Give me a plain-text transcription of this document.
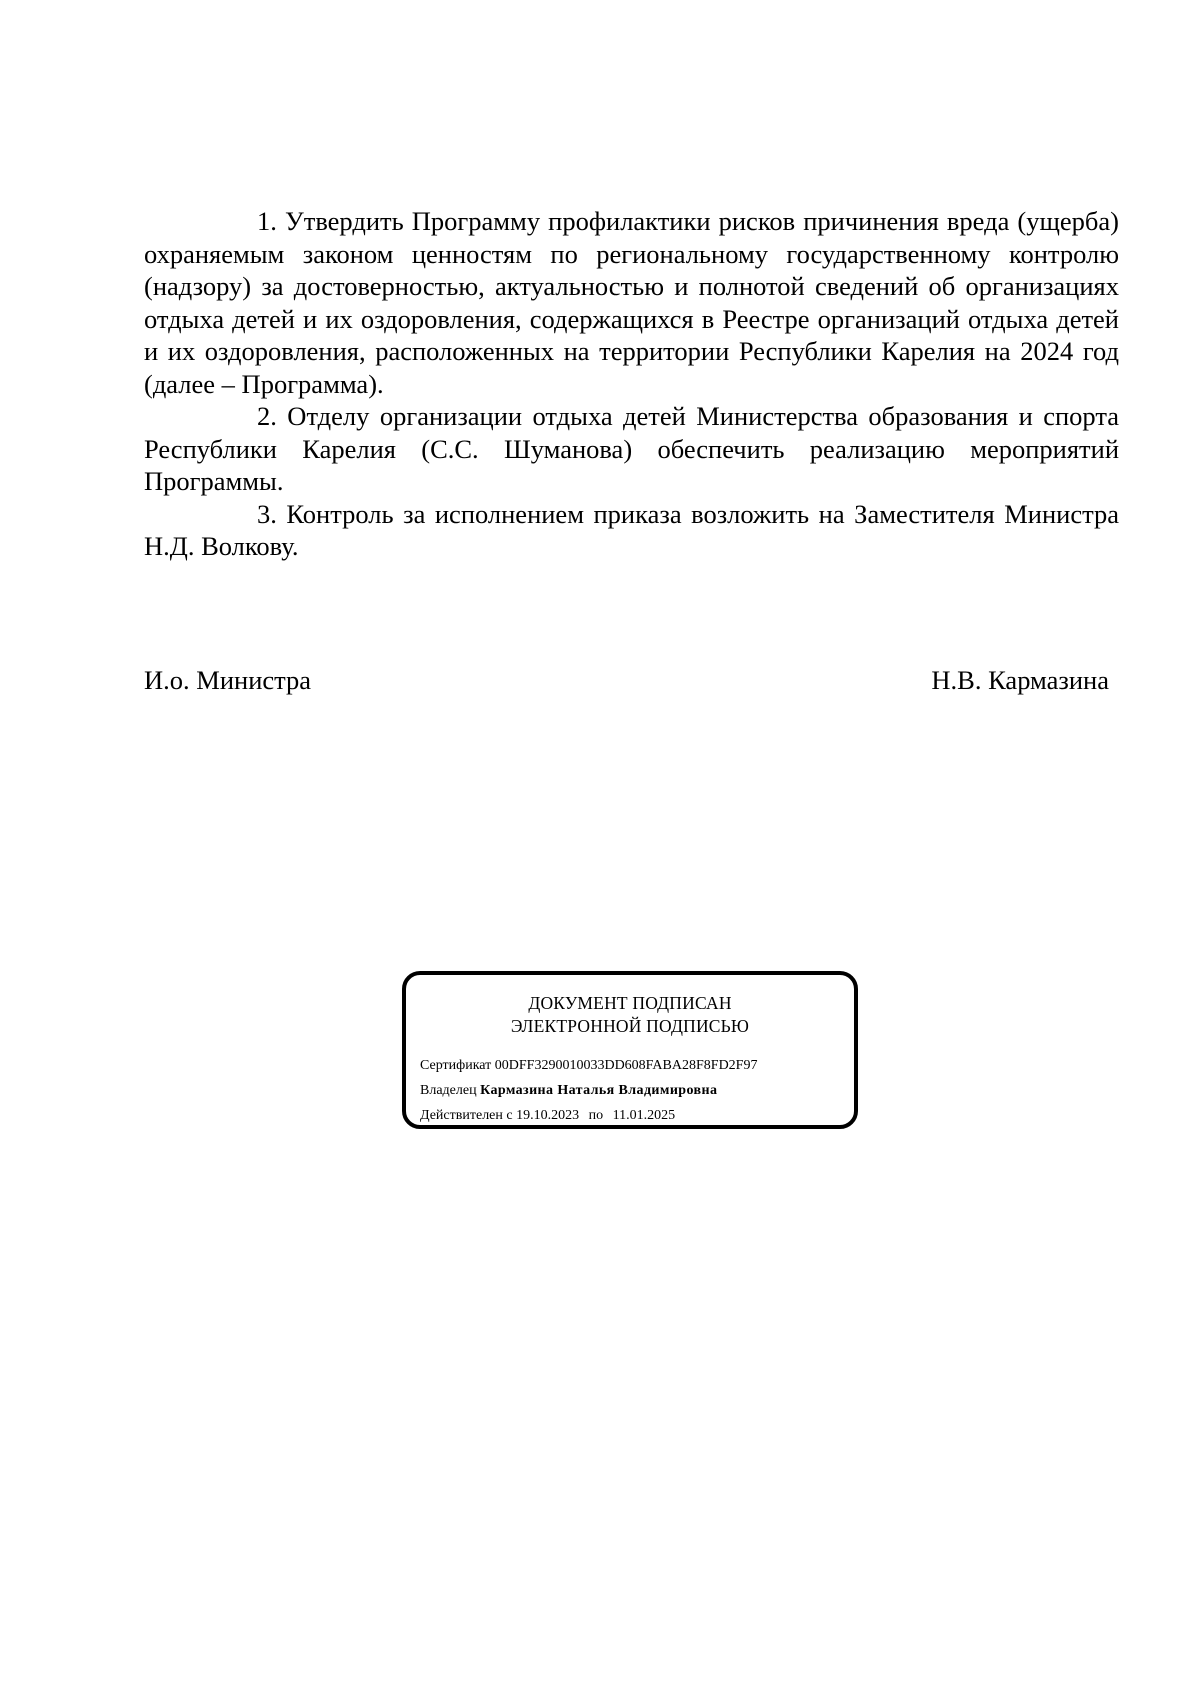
1. Утвердить Программу профилактики рисков причинения вреда (ущерба) охраняемым законом ценностям по региональному государственному контролю (надзору) за достоверностью, актуальностью и полнотой сведений об организациях отдыха детей и их оздоровления, содержащихся в Реестре организаций отдыха детей и их оздоровления, расположенных на территории Республики Карелия на 2024 год (далее – Программа).

2. Отделу организации отдыха детей Министерства образования и спорта Республики Карелия (С.С. Шуманова) обеспечить реализацию мероприятий Программы.

3. Контроль за исполнением приказа возложить на Заместителя Министра Н.Д. Волкову.

И.о. Министра	Н.В. Кармазина
ДОКУМЕНТ ПОДПИСАН
ЭЛЕКТРОННОЙ ПОДПИСЬЮ
Сертификат 00DFF3290010033DD608FABA28F8FD2F97
Владелец Кармазина Наталья Владимировна
Действителен с 19.10.2023 по 11.01.2025
